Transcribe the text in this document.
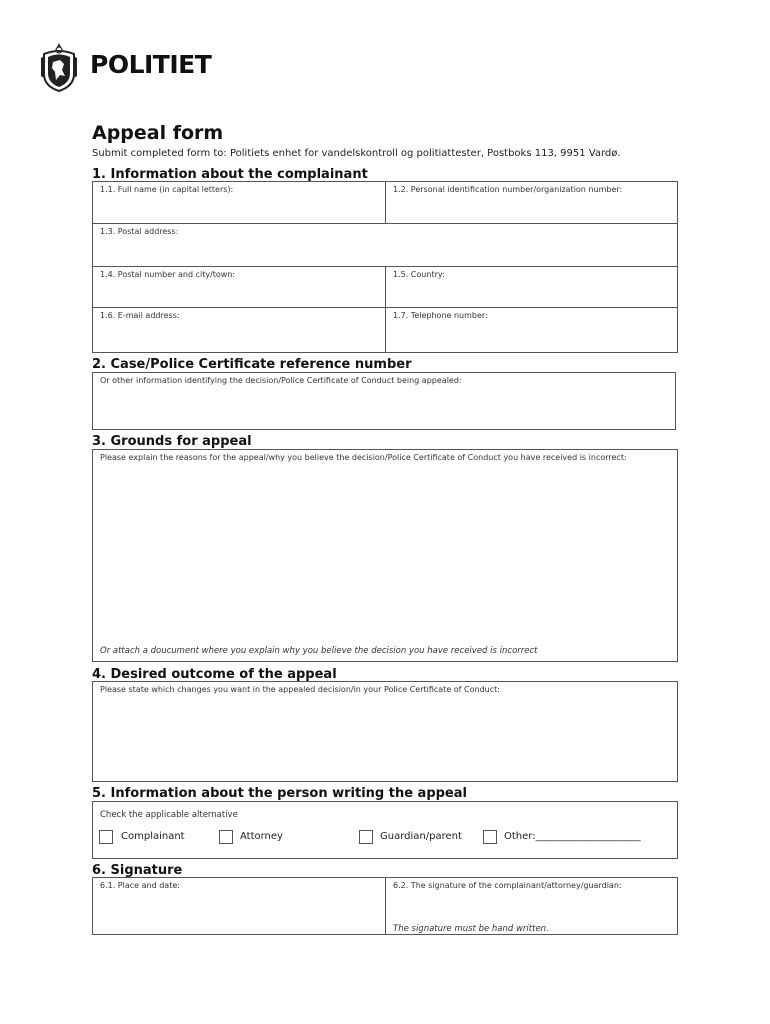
POLITIET
Appeal form
Submit completed form to: Politiets enhet for vandelskontroll og politiattester, Postboks 113, 9951 Vardø.
1. Information about the complainant
1.1. Full name (in capital letters):	1.2. Personal identification number/organization number:
1.3. Postal address:
1.4. Postal number and city/town:	1.5. Country:
1.6. E-mail address:	1.7. Telephone number:
2. Case/Police Certificate reference number
Or other information identifying the decision/Police Certificate of Conduct being appealed:
3. Grounds for appeal
Please explain the reasons for the appeal/why you believe the decision/Police Certificate of Conduct you have received is incorrect:
Or attach a doucument where you explain why you believe the decision you have received is incorrect
4. Desired outcome of the appeal
Please state which changes you want in the appealed decision/in your Police Certificate of Conduct:
5. Information about the person writing the appeal
Check the applicable alternative
Complainant	Attorney	Guardian/parent	Other:_____________________
6. Signature
6.1. Place and date:	6.2. The signature of the complainant/attorney/guardian:
The signature must be hand written.
